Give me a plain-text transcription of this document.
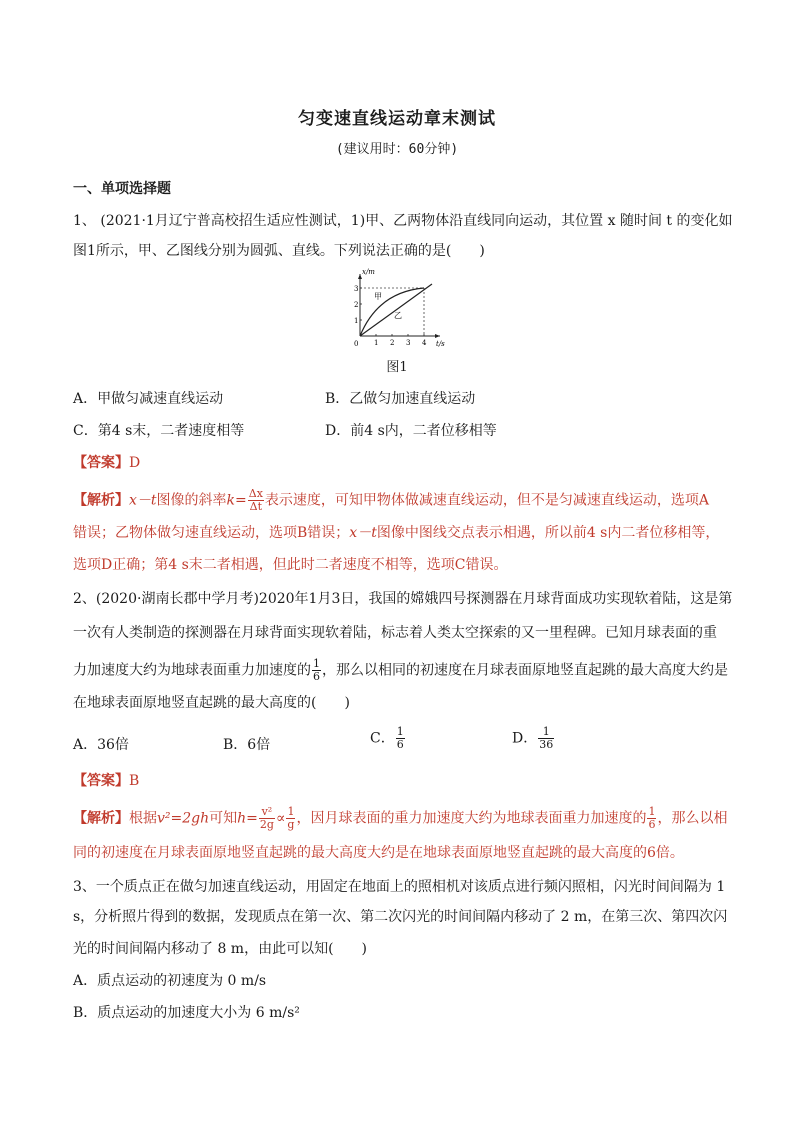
匀变速直线运动章末测试
(建议用时：60分钟)
一、单项选择题
1、 (2021·1月辽宁普高校招生适应性测试，1)甲、乙两物体沿直线同向运动，其位置 x 随时间 t 的变化如
图1所示，甲、乙图线分别为圆弧、直线。下列说法正确的是(　　)
x/m
t/s
0
1
2
3
1 2 3 4
甲
乙
图1
A．甲做匀减速直线运动	B．乙做匀加速直线运动
C．第4 s末，二者速度相等	D．前4 s内，二者位移相等
【答案】D
【解析】x－t图像的斜率$k= \frac{\Delta x}{\Delta t}$ 表示速度，可知甲物体做减速直线运动，但不是匀减速直线运动，选项A
错误；乙物体做匀速直线运动，选项B错误；x－t图像中图线交点表示相遇，所以前4 s内二者位移相等，
选项D正确；第4 s末二者相遇，但此时二者速度不相等，选项C错误。
2、(2020·湖南长郡中学月考)2020年1月3日，我国的嫦娥四号探测器在月球背面成功实现软着陆，这是第
一次有人类制造的探测器在月球背面实现软着陆，标志着人类太空探索的又一里程碑。已知月球表面的重
力加速度大约为地球表面重力加速度的 $\frac{1}{6}$ ，那么以相同的初速度在月球表面原地竖直起跳的最大高度大约是
在地球表面原地竖直起跳的最大高度的(　　)
A．36倍	B．6倍	C． $\frac{1}{6}$	D． $\frac{1}{36}$
【答案】B
【解析】根据v²=2gh可知$h= \frac{\text{v²}}{2g} \propto \frac{1}{g}$ ，因月球表面的重力加速度大约为地球表面重力加速度的 $\frac{1}{6}$ ，那么以相
同的初速度在月球表面原地竖直起跳的最大高度大约是在地球表面原地竖直起跳的最大高度的6倍。
3、一个质点正在做匀加速直线运动，用固定在地面上的照相机对该质点进行频闪照相，闪光时间间隔为 1
s，分析照片得到的数据，发现质点在第一次、第二次闪光的时间间隔内移动了 2 m，在第三次、第四次闪
光的时间间隔内移动了 8 m，由此可以知(　　)
A．质点运动的初速度为 0 m/s
B．质点运动的加速度大小为 6 m/s²
